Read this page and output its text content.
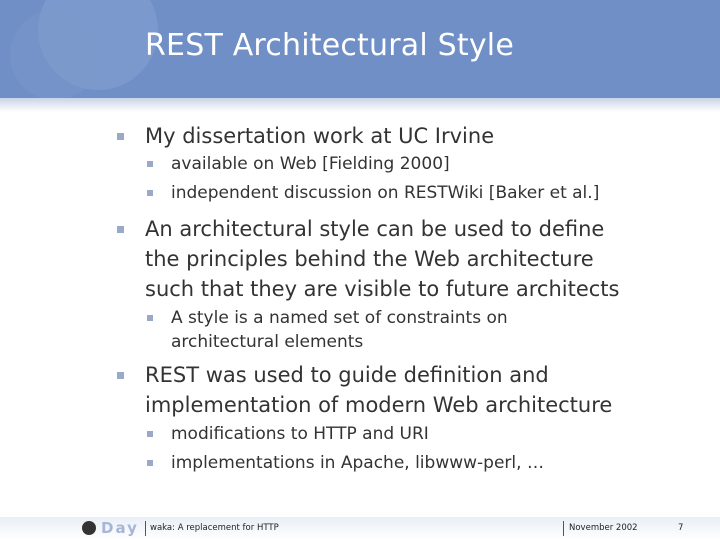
REST Architectural Style
My dissertation work at UC Irvine
available on Web [Fielding 2000]
independent discussion on RESTWiki [Baker et al.]
An architectural style can be used to define
the principles behind the Web architecture
such that they are visible to future architects
A style is a named set of constraints on
architectural elements
REST was used to guide definition and
implementation of modern Web architecture
modifications to HTTP and URI
implementations in Apache, libwww-perl, …
Day waka: A replacement for HTTP	November 2002	7
